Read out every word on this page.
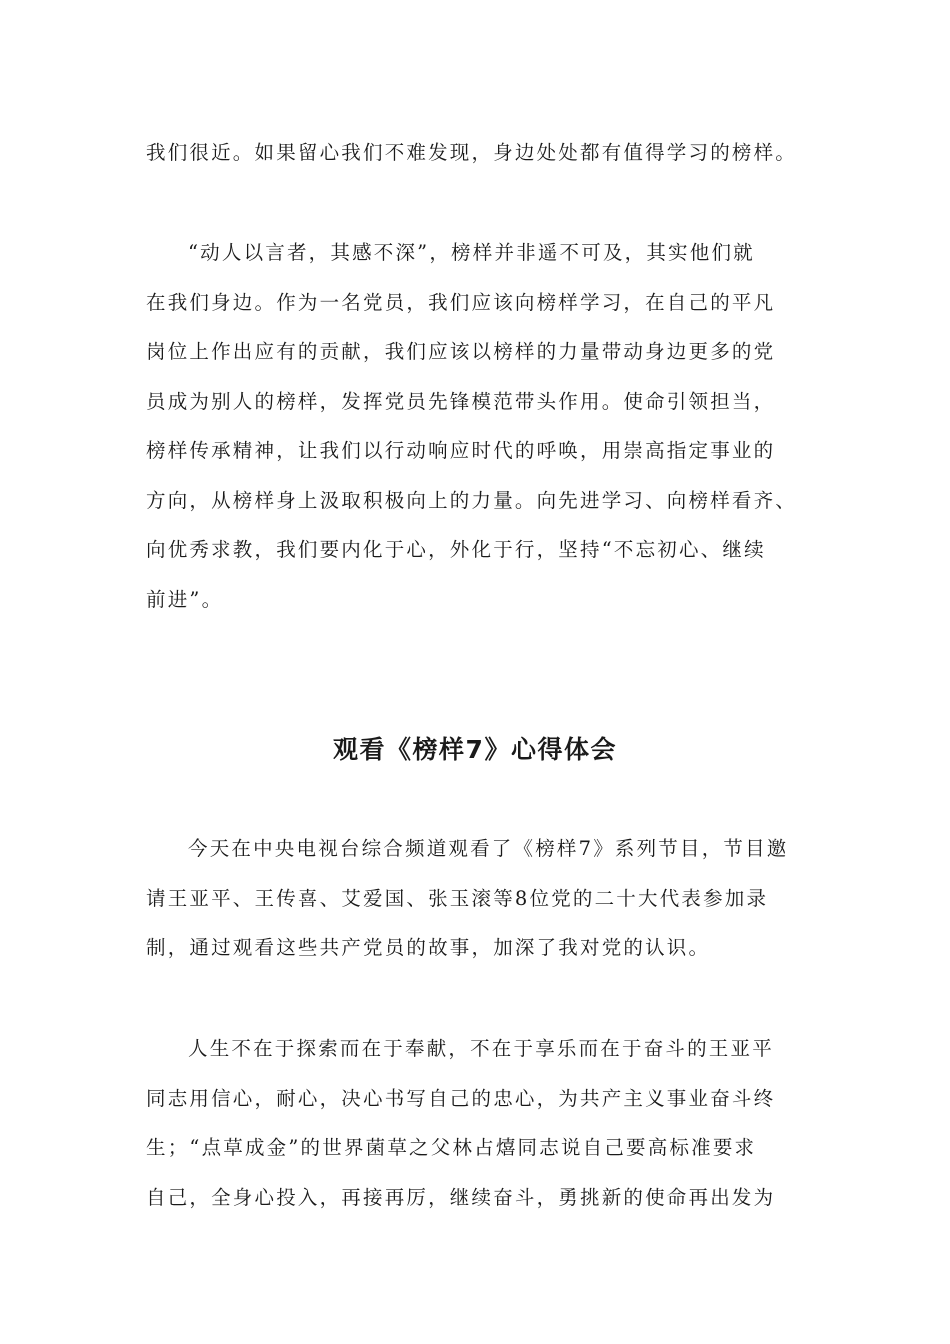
我们很近。如果留心我们不难发现，身边处处都有值得学习的榜样。

“动人以言者，其感不深”，榜样并非遥不可及，其实他们就
在我们身边。作为一名党员，我们应该向榜样学习，在自己的平凡
岗位上作出应有的贡献，我们应该以榜样的力量带动身边更多的党
员成为别人的榜样，发挥党员先锋模范带头作用。使命引领担当，
榜样传承精神，让我们以行动响应时代的呼唤，用崇高指定事业的
方向，从榜样身上汲取积极向上的力量。向先进学习、向榜样看齐、
向优秀求教，我们要内化于心，外化于行，坚持“不忘初心、继续
前进”。

观看《榜样7》心得体会

今天在中央电视台综合频道观看了《榜样7》系列节目，节目邀
请王亚平、王传喜、艾爱国、张玉滚等8位党的二十大代表参加录
制，通过观看这些共产党员的故事，加深了我对党的认识。

人生不在于探索而在于奉献，不在于享乐而在于奋斗的王亚平
同志用信心，耐心，决心书写自己的忠心，为共产主义事业奋斗终
生；“点草成金”的世界菌草之父林占熺同志说自己要高标准要求
自己，全身心投入，再接再厉，继续奋斗，勇挑新的使命再出发为
